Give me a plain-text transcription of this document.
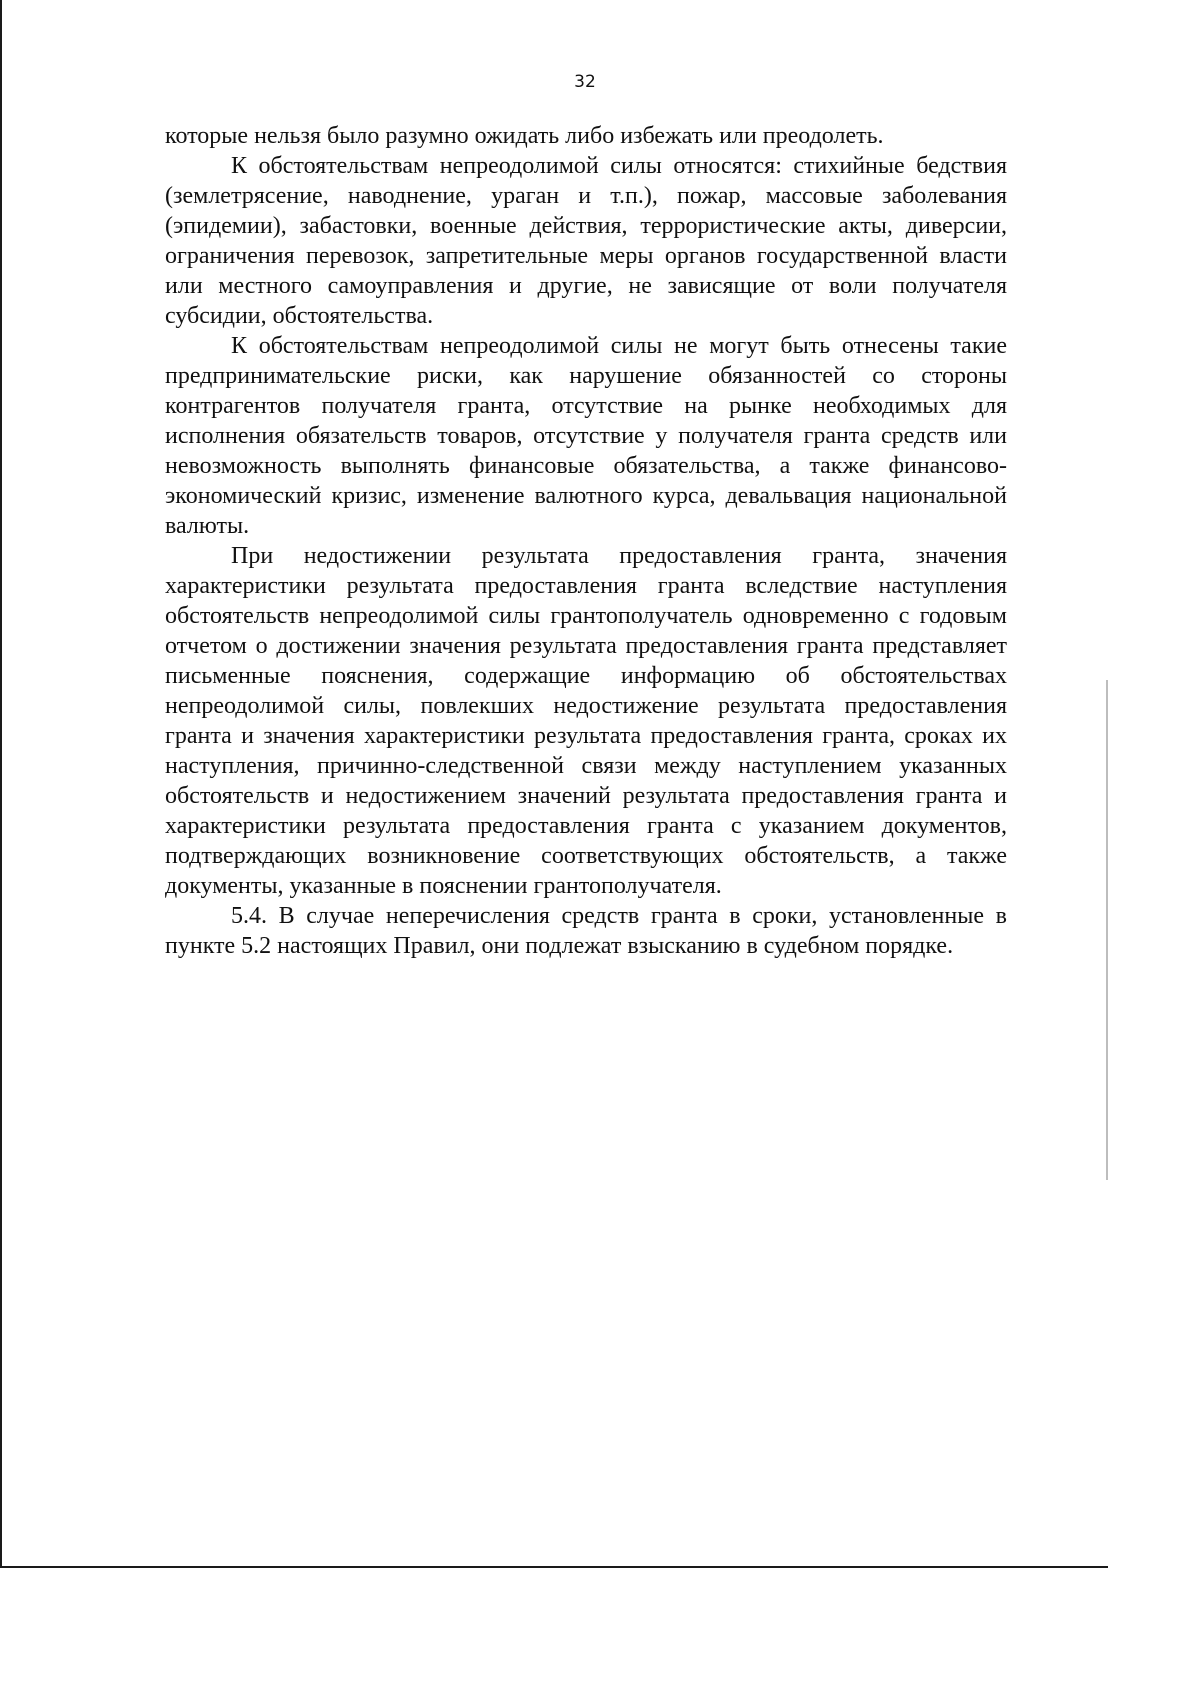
32

которые нельзя было разумно ожидать либо избежать или преодолеть.

К обстоятельствам непреодолимой силы относятся: стихийные бедствия (землетрясение, наводнение, ураган и т.п.), пожар, массовые заболевания (эпидемии), забастовки, военные действия, террористические акты, диверсии, ограничения перевозок, запретительные меры органов государственной власти или местного самоуправления и другие, не зависящие от воли получателя субсидии, обстоятельства.

К обстоятельствам непреодолимой силы не могут быть отнесены такие предпринимательские риски, как нарушение обязанностей со стороны контрагентов получателя гранта, отсутствие на рынке необходимых для исполнения обязательств товаров, отсутствие у получателя гранта средств или невозможность выполнять финансовые обязательства, а также финансово-экономический кризис, изменение валютного курса, девальвация национальной валюты.

При недостижении результата предоставления гранта, значения характеристики результата предоставления гранта вследствие наступления обстоятельств непреодолимой силы грантополучатель одновременно с годовым отчетом о достижении значения результата предоставления гранта представляет письменные пояснения, содержащие информацию об обстоятельствах непреодолимой силы, повлекших недостижение результата предоставления гранта и значения характеристики результата предоставления гранта, сроках их наступления, причинно-следственной связи между наступлением указанных обстоятельств и недостижением значений результата предоставления гранта и характеристики результата предоставления гранта с указанием документов, подтверждающих возникновение соответствующих обстоятельств, а также документы, указанные в пояснении грантополучателя.

5.4. В случае неперечисления средств гранта в сроки, установленные в пункте 5.2 настоящих Правил, они подлежат взысканию в судебном порядке.
